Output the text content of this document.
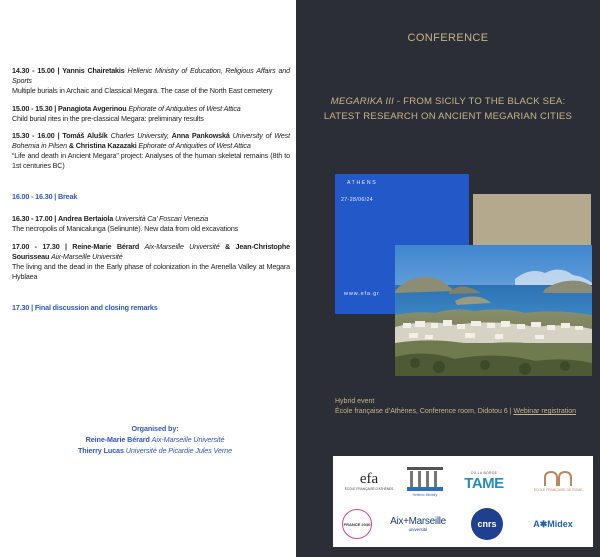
14.30 - 15.00 | Yannis Chairetakis Hellenic Ministry of Education, Religious Affairs and Sports
Multiple burials in Archaic and Classical Megara. The case of the North East cemetery
15.00 - 15.30 | Panagiota Avgerinou Ephorate of Antiquities of West Attica
Child burial rites in the pre-classical Megara: preliminary results
15.30 - 16.00 | Tomáš Alušík Charles University, Anna Pankowská University of West Bohemia in Pilsen & Christina Kazazaki Ephorate of Antiquities of West Attica
“Life and death in Ancient Megara” project: Analyses of the human skeletal remains (8th to 1st centuries BC)
16.00 - 16.30 | Break
16.30 - 17.00 | Andrea Bertaiola Università Ca’ Foscari Venezia
The necropolis of Manicalunga (Selinunte). New data from old excavations
17.00 - 17.30 | Reine-Marie Bérard Aix-Marseille Université & Jean-Christophe Sourisseau Aix-Marseille Université
The living and the dead in the Early phase of colonization in the Arenella Valley at Megara Hyblaea
17.30 | Final discussion and closing remarks
Organised by:
Reine-Marie Bérard Aix-Marseille Université
Thierry Lucas Université de Picardie Jules Verne
CONFERENCE
MEGARIKA III - FROM SICILY TO THE BLACK SEA:
LATEST RESEARCH ON ANCIENT MEGARIAN CITIES
ATHENS
27-28/06/24
www.efa.gr
Hybrid event
École française d’Athènes, Conference room, Didotou 6 | Webinar registration
efa
ÉCOLE FRANÇAISE D'ATHÈNES
Hellenic Ministry
OÙ LA BORGE
TAME	ÉCOLE FRANÇAISE DE ROME
FRANCE 2030 Aix+Marseille
université
cnrs	A✱Midex
